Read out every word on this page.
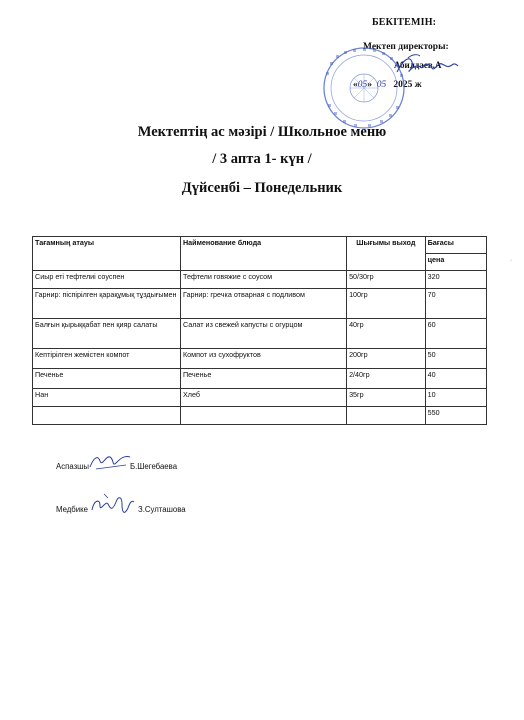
БЕКІТЕМІН:
Мектеп директоры:
Абилдаев.А
«05» 05 2025 ж
Мектептің ас мәзірі / Школьное меню
/ 3 апта 1- күн /
Дүйсенбі – Понедельник
Тағамның атауы	Найменование блюда	Шығымы выход	Бағасы
			цена
Сиыр еті тефтелиі соуспен	Тефтели говяжие с соусом	50/30гр	320
Гарнир: піспірілген қарақұмық тұздығымен	Гарнир: гречка отварная с подливом	100гр	70
Балғын қырыққабат пен қияр салаты	Салат из свежей капусты с огурцом	40гр	60
Кептірілген жемістен компот	Компот из сухофруктов	200гр	50
Печенье	Печенье	2/40гр	40
Нан	Хлеб	35гр	10
			550
·
Аспазшы	Б.Шегебаева
Медбике	З.Султашова
